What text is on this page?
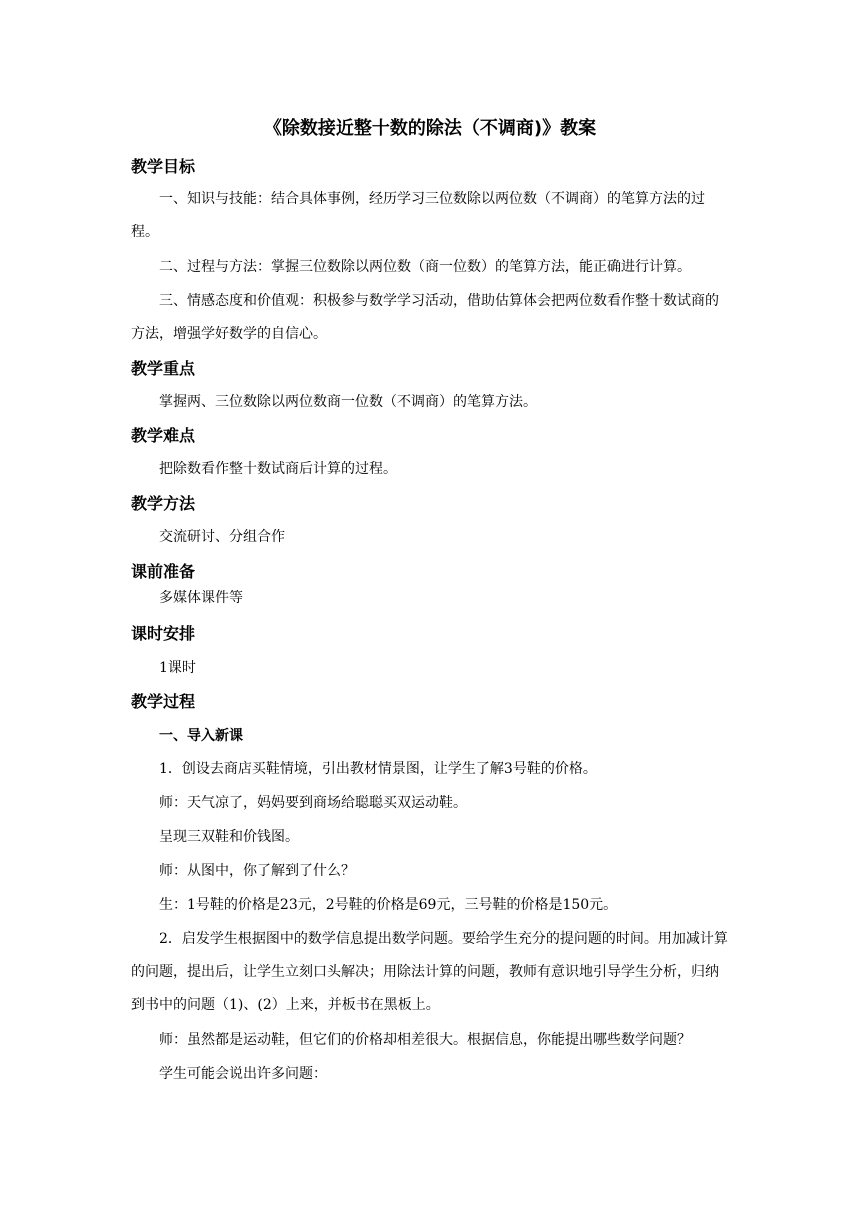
《除数接近整十数的除法（不调商)》教案
教学目标

一、知识与技能：结合具体事例，经历学习三位数除以两位数（不调商）的笔算方法的过程。

二、过程与方法：掌握三位数除以两位数（商一位数）的笔算方法，能正确进行计算。

三、情感态度和价值观：积极参与数学学习活动，借助估算体会把两位数看作整十数试商的方法，增强学好数学的自信心。

教学重点

掌握两、三位数除以两位数商一位数（不调商）的笔算方法。

教学难点

把除数看作整十数试商后计算的过程。

教学方法

交流研讨、分组合作

课前准备

多媒体课件等

课时安排

1课时

教学过程
一、导入新课

1．创设去商店买鞋情境，引出教材情景图，让学生了解3号鞋的价格。

师：天气凉了，妈妈要到商场给聪聪买双运动鞋。

呈现三双鞋和价钱图。

师：从图中，你了解到了什么？

生：1号鞋的价格是23元，2号鞋的价格是69元，三号鞋的价格是150元。

2．启发学生根据图中的数学信息提出数学问题。要给学生充分的提问题的时间。用加减计算的问题，提出后，让学生立刻口头解决；用除法计算的问题，教师有意识地引导学生分析，归纳到书中的问题（1)、(2）上来，并板书在黑板上。

师：虽然都是运动鞋，但它们的价格却相差很大。根据信息，你能提出哪些数学问题？

学生可能会说出许多问题：
